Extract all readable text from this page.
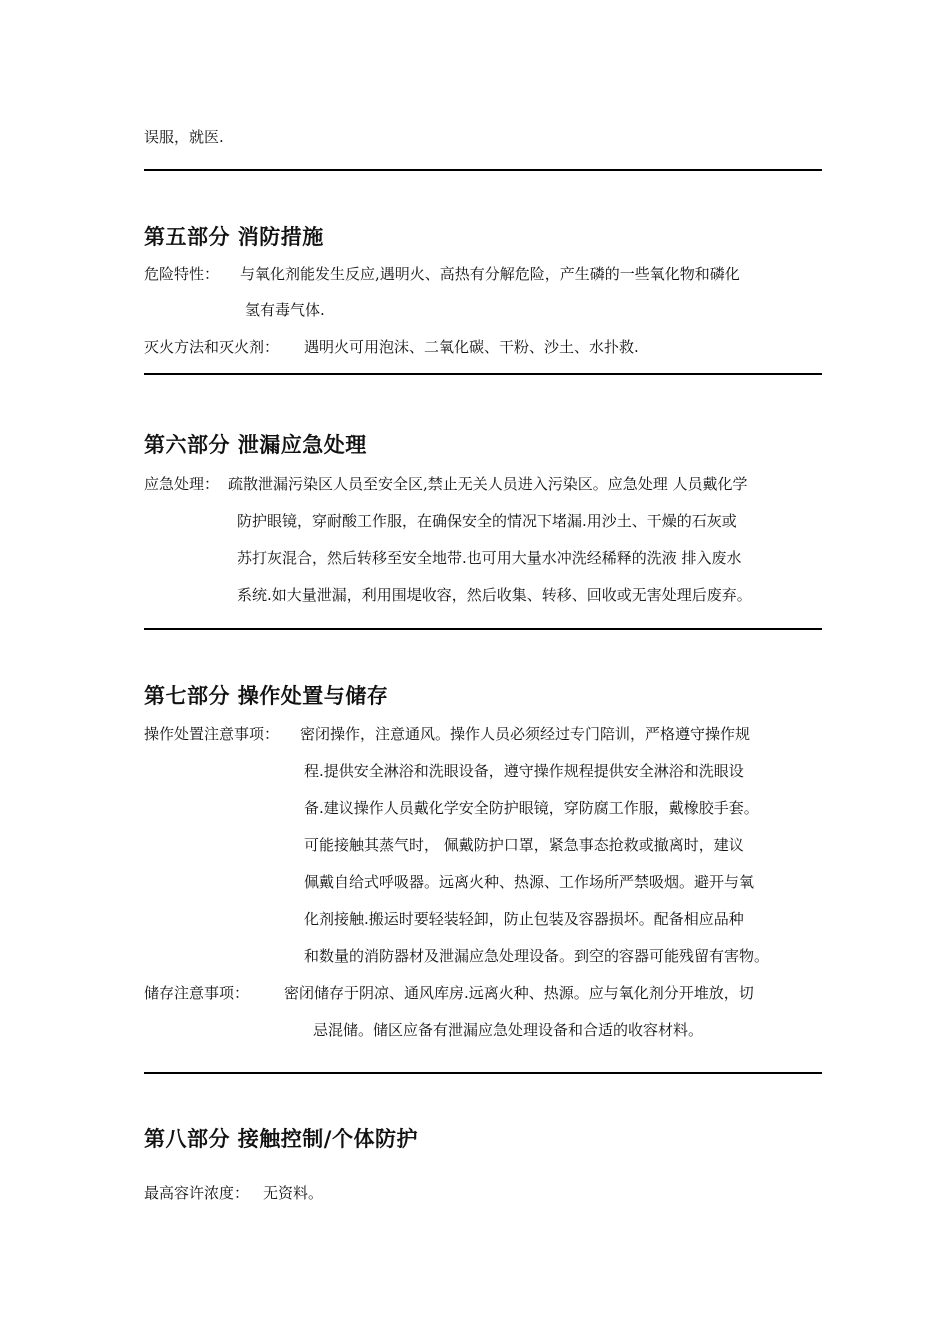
误服，就医.
第五部分 消防措施
危险特性： 与氧化剂能发生反应,遇明火、高热有分解危险，产生磷的一些氧化物和磷化
氢有毒气体.
灭火方法和灭火剂： 遇明火可用泡沫、二氧化碳、干粉、沙土、水扑救.
第六部分 泄漏应急处理
应急处理： 疏散泄漏污染区人员至安全区,禁止无关人员进入污染区。应急处理 人员戴化学
防护眼镜，穿耐酸工作服，在确保安全的情况下堵漏.用沙土、干燥的石灰或
苏打灰混合，然后转移至安全地带.也可用大量水冲洗经稀释的洗液 排入废水
系统.如大量泄漏，利用围堤收容，然后收集、转移、回收或无害处理后废弃。
第七部分 操作处置与储存
操作处置注意事项： 密闭操作，注意通风。操作人员必须经过专门陪训，严格遵守操作规
程.提供安全淋浴和洗眼设备，遵守操作规程提供安全淋浴和洗眼设
备.建议操作人员戴化学安全防护眼镜，穿防腐工作服，戴橡胶手套。
可能接触其蒸气时， 佩戴防护口罩，紧急事态抢救或撤离时，建议
佩戴自给式呼吸器。远离火种、热源、工作场所严禁吸烟。避开与氧
化剂接触.搬运时要轻装轻卸，防止包装及容器损坏。配备相应品种
和数量的消防器材及泄漏应急处理设备。到空的容器可能残留有害物。
储存注意事项： 密闭储存于阴凉、通风库房.远离火种、热源。应与氧化剂分开堆放，切
忌混储。储区应备有泄漏应急处理设备和合适的收容材料。
第八部分 接触控制/个体防护
最高容许浓度： 无资料。
